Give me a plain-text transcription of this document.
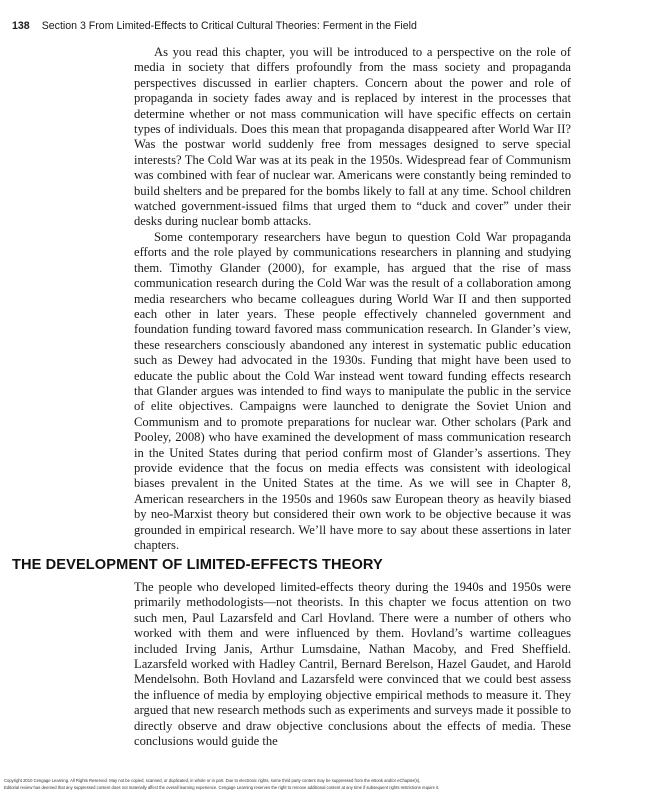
138 Section 3 From Limited-Effects to Critical Cultural Theories: Ferment in the Field

As you read this chapter, you will be introduced to a perspective on the role of media in society that differs profoundly from the mass society and propaganda perspectives discussed in earlier chapters. Concern about the power and role of propaganda in society fades away and is replaced by interest in the processes that determine whether or not mass communication will have specific effects on certain types of individuals. Does this mean that propaganda disappeared after World War II? Was the postwar world suddenly free from messages designed to serve special interests? The Cold War was at its peak in the 1950s. Widespread fear of Communism was combined with fear of nuclear war. Americans were constantly being reminded to build shelters and be prepared for the bombs likely to fall at any time. School children watched government-issued films that urged them to “duck and cover” under their desks during nuclear bomb attacks.

Some contemporary researchers have begun to question Cold War propaganda efforts and the role played by communications researchers in planning and studying them. Timothy Glander (2000), for example, has argued that the rise of mass communication research during the Cold War was the result of a collaboration among media researchers who became colleagues during World War II and then supported each other in later years. These people effectively channeled government and foundation funding toward favored mass communication research. In Glander’s view, these researchers consciously abandoned any interest in systematic public education such as Dewey had advocated in the 1930s. Funding that might have been used to educate the public about the Cold War instead went toward funding effects research that Glander argues was intended to find ways to manipulate the public in the service of elite objectives. Campaigns were launched to denigrate the Soviet Union and Communism and to promote preparations for nuclear war. Other scholars (Park and Pooley, 2008) who have examined the development of mass communication research in the United States during that period confirm most of Glander’s assertions. They provide evidence that the focus on media effects was consistent with ideological biases prevalent in the United States at the time. As we will see in Chapter 8, American researchers in the 1950s and 1960s saw European theory as heavily biased by neo-Marxist theory but considered their own work to be objective because it was grounded in empirical research. We’ll have more to say about these assertions in later chapters.

THE DEVELOPMENT OF LIMITED-EFFECTS THEORY

The people who developed limited-effects theory during the 1940s and 1950s were primarily methodologists—not theorists. In this chapter we focus attention on two such men, Paul Lazarsfeld and Carl Hovland. There were a number of others who worked with them and were influenced by them. Hovland’s wartime colleagues included Irving Janis, Arthur Lumsdaine, Nathan Macoby, and Fred Sheffield. Lazarsfeld worked with Hadley Cantril, Bernard Berelson, Hazel Gaudet, and Harold Mendelsohn. Both Hovland and Lazarsfeld were convinced that we could best assess the influence of media by employing objective empirical methods to measure it. They argued that new research methods such as experiments and surveys made it possible to directly observe and draw objective conclusions about the effects of media. These conclusions would guide the

Copyright 2010 Cengage Learning. All Rights Reserved. May not be copied, scanned, or duplicated, in whole or in part. Due to electronic rights, some third party content may be suppressed from the eBook and/or eChapter(s).
Editorial review has deemed that any suppressed content does not materially affect the overall learning experience. Cengage Learning reserves the right to remove additional content at any time if subsequent rights restrictions require it.
